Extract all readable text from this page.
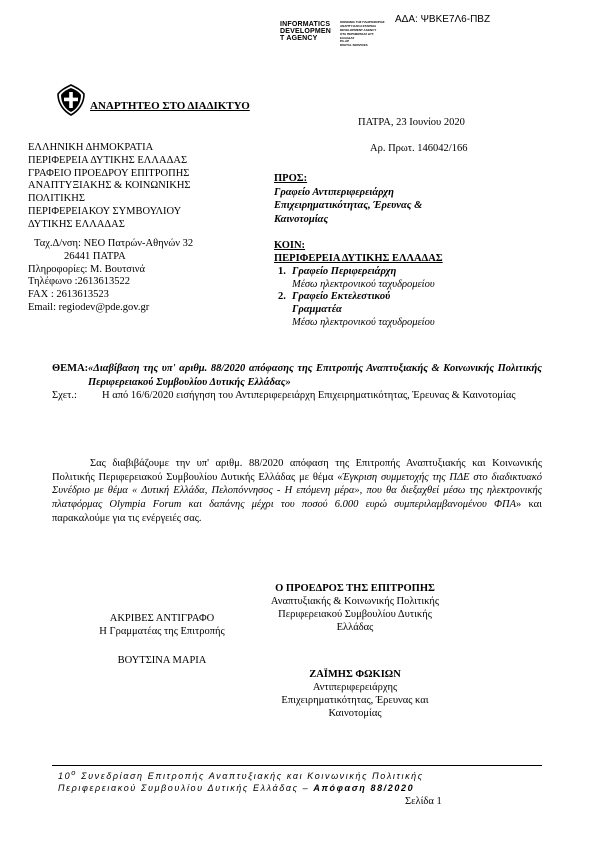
ΑΔΑ: ΨΒΚΕ7Λ6-ΠΒΖ
INFORMATICS
DEVELOPMEN
T AGENCY
ΚΟΙΝΩΝΙΑ ΤΗΣ ΠΛΗΡΟΦΟΡΙΑΣ
ΑΝΑΠΤΥΞΙΑΚΗ ΕΤΑΙΡΕΙΑ
DEVELOPMENT AGENCY
ΟΤΑ ΠΕΡΙΦΕΡΕΙΑΣ ΔΥΤ.
ΕΛΛΑΔΑΣ
PA-AP
DIGITAL SERVICES
ΑΝΑΡΤΗΤΕΟ ΣΤΟ ΔΙΑΔΙΚΤΥΟ
ΠΑΤΡΑ, 23 Ιουνίου 2020
Αρ. Πρωτ. 146042/166
ΕΛΛΗΝΙΚΗ ΔΗΜΟΚΡΑΤΙΑ
ΠΕΡΙΦΕΡΕΙΑ ΔΥΤΙΚΗΣ ΕΛΛΑΔΑΣ
ΓΡΑΦΕΙΟ ΠΡΟΕΔΡΟΥ ΕΠΙΤΡΟΠΗΣ
ΑΝΑΠΤΥΞΙΑΚΗΣ & ΚΟΙΝΩΝΙΚΗΣ
ΠΟΛΙΤΙΚΗΣ
ΠΕΡΙΦΕΡΕΙΑΚΟΥ ΣΥΜΒΟΥΛΙΟΥ
ΔΥΤΙΚΗΣ ΕΛΛΑΔΑΣ
Ταχ.Δ/νση: ΝΕΟ Πατρών-Αθηνών 32
26441 ΠΑΤΡΑ
Πληροφορίες: Μ. Βουτσινά
Τηλέφωνο :2613613522
FAX : 2613613523
Email: regiodev@pde.gov.gr
ΠΡΟΣ:
Γραφείο Αντιπεριφερειάρχη
Επιχειρηματικότητας, Έρευνας &
Καινοτομίας
ΚΟΙΝ:
ΠΕΡΙΦΕΡΕΙΑ ΔΥΤΙΚΗΣ ΕΛΛΑΔΑΣ
1. Γραφείο Περιφερειάρχη
Μέσω ηλεκτρονικού ταχυδρομείου
2. Γραφείο Εκτελεστικού
Γραμματέα
Μέσω ηλεκτρονικού ταχυδρομείου
ΘΕΜΑ: «Διαβίβαση της υπ' αριθμ. 88/2020 απόφασης της Επιτροπής Αναπτυξιακής & Κοινωνικής Πολιτικής Περιφερειακού Συμβουλίου Δυτικής Ελλάδας»
Σχετ.:	Η από 16/6/2020 εισήγηση του Αντιπεριφερειάρχη Επιχειρηματικότητας, Έρευνας & Καινοτομίας
Σας διαβιβάζουμε την υπ' αριθμ. 88/2020 απόφαση της Επιτροπής Αναπτυξιακής και Κοινωνικής Πολιτικής Περιφερειακού Συμβουλίου Δυτικής Ελλάδας με θέμα «Έγκριση συμμετοχής της ΠΔΕ στο διαδικτυακό Συνέδριο με θέμα « Δυτική Ελλάδα, Πελοπόννησος - Η επόμενη μέρα», που θα διεξαχθεί μέσω της ηλεκτρονικής πλατφόρμας Olympia Forum και δαπάνης μέχρι του ποσού 6.000 ευρώ συμπεριλαμβανομένου ΦΠΑ» και παρακαλούμε για τις ενέργειές σας.
Ο ΠΡΟΕΔΡΟΣ ΤΗΣ ΕΠΙΤΡΟΠΗΣ
Αναπτυξιακής & Κοινωνικής Πολιτικής
Περιφερειακού Συμβουλίου Δυτικής
Ελλάδας
ΑΚΡΙΒΕΣ ΑΝΤΙΓΡΑΦΟ
Η Γραμματέας της Επιτροπής
ΒΟΥΤΣΙΝΑ ΜΑΡΙΑ
ΖΑΪΜΗΣ ΦΩΚΙΩΝ
Αντιπεριφερειάρχης
Επιχειρηματικότητας, Έρευνας και
Καινοτομίας
$10^o$ Συνεδρίαση Επιτροπής Αναπτυξιακής και Κοινωνικής Πολιτικής
Περιφερειακού Συμβουλίου Δυτικής Ελλάδας – Απόφαση 88/2020
Σελίδα 1
